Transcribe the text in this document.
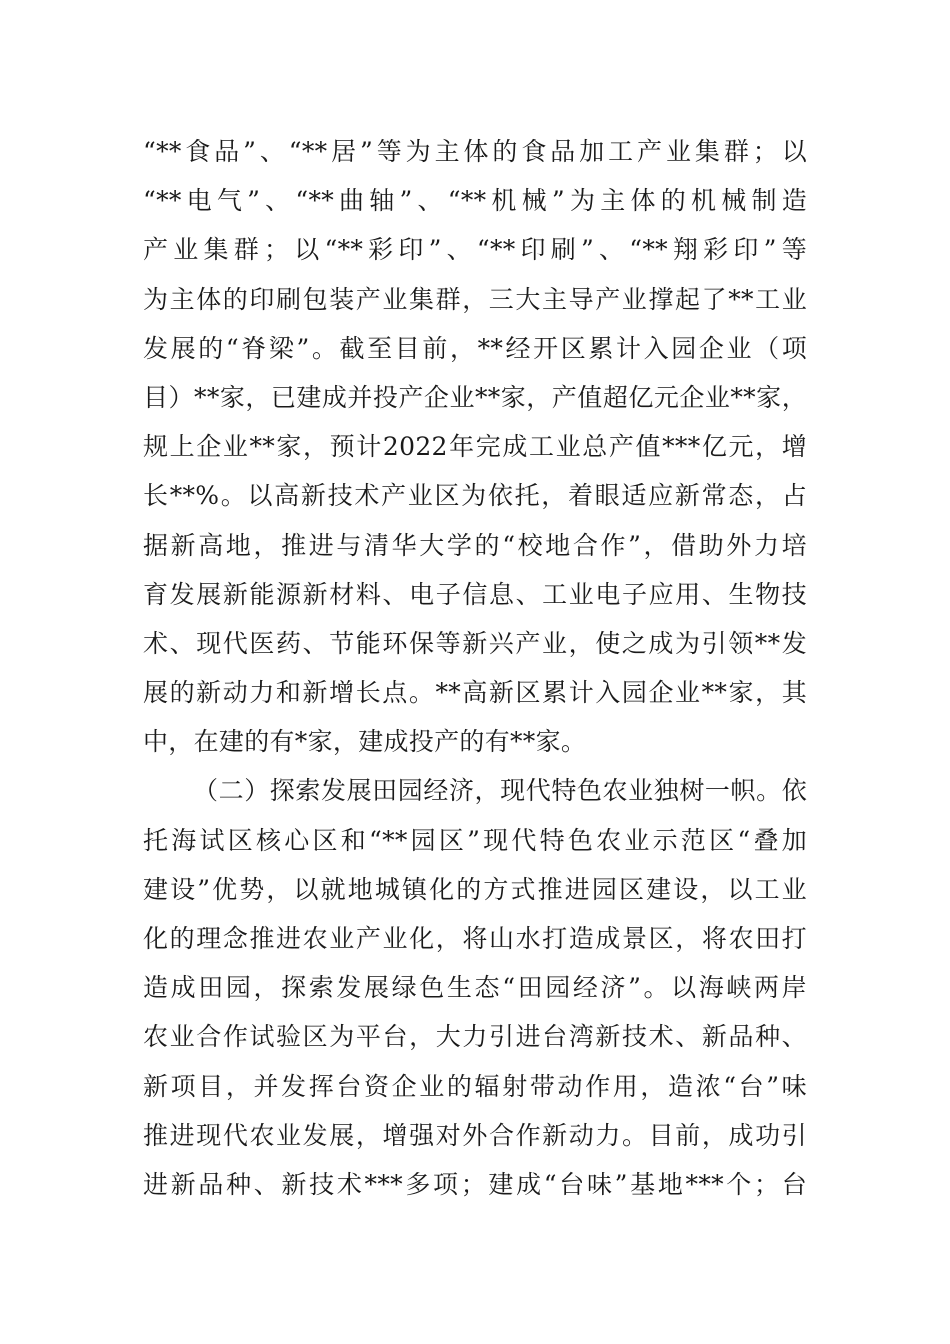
“**食品”、“**居”等为主体的食品加工产业集群；以
“**电气”、“**曲轴”、“**机械”为主体的机械制造
产业集群；以“**彩印”、“**印刷”、“**翔彩印”等
为主体的印刷包装产业集群，三大主导产业撑起了**工业
发展的“脊梁”。截至目前，**经开区累计入园企业（项
目）**家，已建成并投产企业**家，产值超亿元企业**家，
规上企业**家，预计2022年完成工业总产值***亿元，增
长**%。以高新技术产业区为依托，着眼适应新常态，占
据新高地，推进与清华大学的“校地合作”，借助外力培
育发展新能源新材料、电子信息、工业电子应用、生物技
术、现代医药、节能环保等新兴产业，使之成为引领**发
展的新动力和新增长点。**高新区累计入园企业**家，其
中，在建的有*家，建成投产的有**家。
（二）探索发展田园经济，现代特色农业独树一帜。依
托海试区核心区和“**园区”现代特色农业示范区“叠加
建设”优势，以就地城镇化的方式推进园区建设，以工业
化的理念推进农业产业化，将山水打造成景区，将农田打
造成田园，探索发展绿色生态“田园经济”。以海峡两岸
农业合作试验区为平台，大力引进台湾新技术、新品种、
新项目，并发挥台资企业的辐射带动作用，造浓“台”味
推进现代农业发展，增强对外合作新动力。目前，成功引
进新品种、新技术***多项；建成“台味”基地***个；台
